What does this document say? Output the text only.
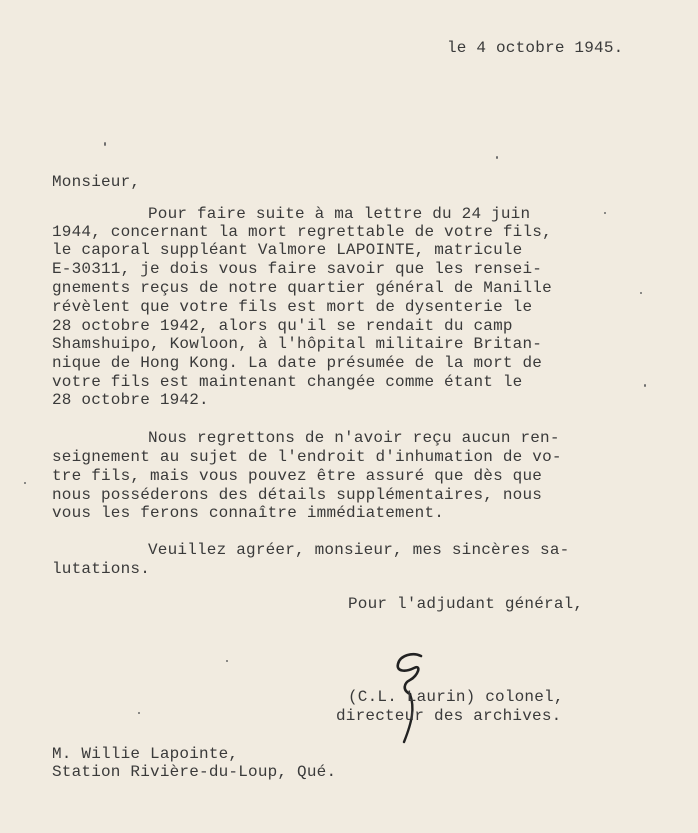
le 4 octobre 1945.
Monsieur,
Pour faire suite à ma lettre du 24 juin
1944, concernant la mort regrettable de votre fils,
le caporal suppléant Valmore LAPOINTE, matricule
E-30311, je dois vous faire savoir que les rensei-
gnements reçus de notre quartier général de Manille
révèlent que votre fils est mort de dysenterie le
28 octobre 1942, alors qu'il se rendait du camp
Shamshuipo, Kowloon, à l'hôpital militaire Britan-
nique de Hong Kong. La date présumée de la mort de
votre fils est maintenant changée comme étant le
28 octobre 1942.
Nous regrettons de n'avoir reçu aucun ren-
seignement au sujet de l'endroit d'inhumation de vo-
tre fils, mais vous pouvez être assuré que dès que
nous posséderons des détails supplémentaires, nous
vous les ferons connaître immédiatement.
Veuillez agréer, monsieur, mes sincères sa-
lutations.
Pour l'adjudant général,
(C.L. Laurin) colonel,
directeur des archives.
M. Willie Lapointe,
Station Rivière-du-Loup, Qué.
